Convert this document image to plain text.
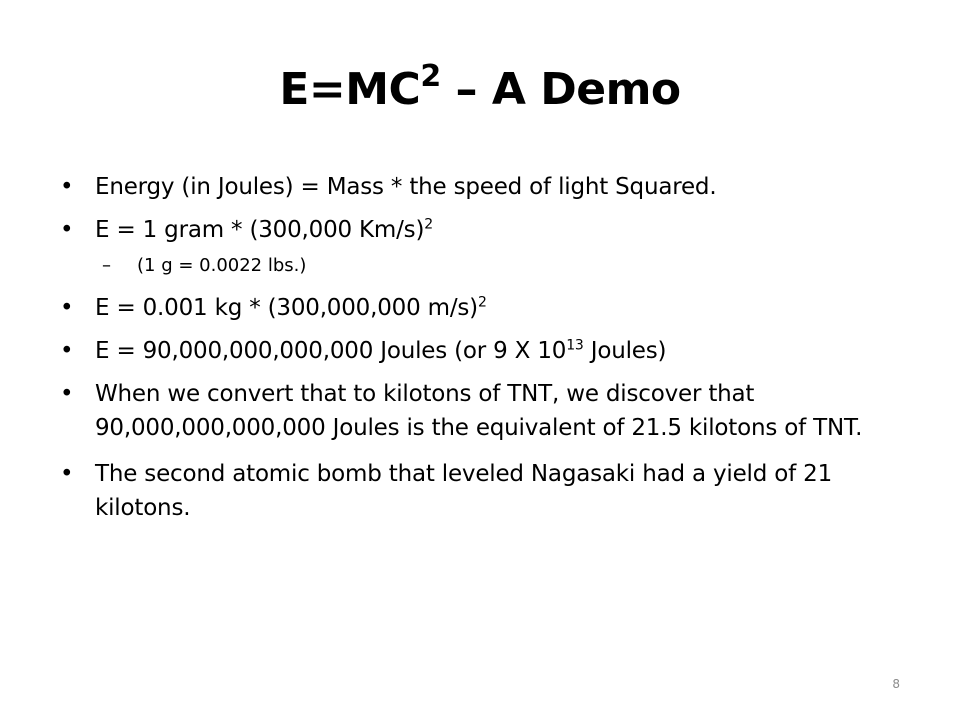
$E=MC^2 - A$ Demo
• Energy (in Joules) = Mass * the speed of light Squared.
• E = 1 gram * (300,000 Km/s)$^2$
– (1 g = 0.0022 lbs.)
• E = 0.001 kg * (300,000,000 m/s)$^2$
• E = 90,000,000,000,000 Joules (or 9 X $10^{13}$ Joules)
• When we convert that to kilotons of TNT, we discover that 90,000,000,000,000 Joules is the equivalent of 21.5 kilotons of TNT.
• The second atomic bomb that leveled Nagasaki had a yield of 21 kilotons.
8
